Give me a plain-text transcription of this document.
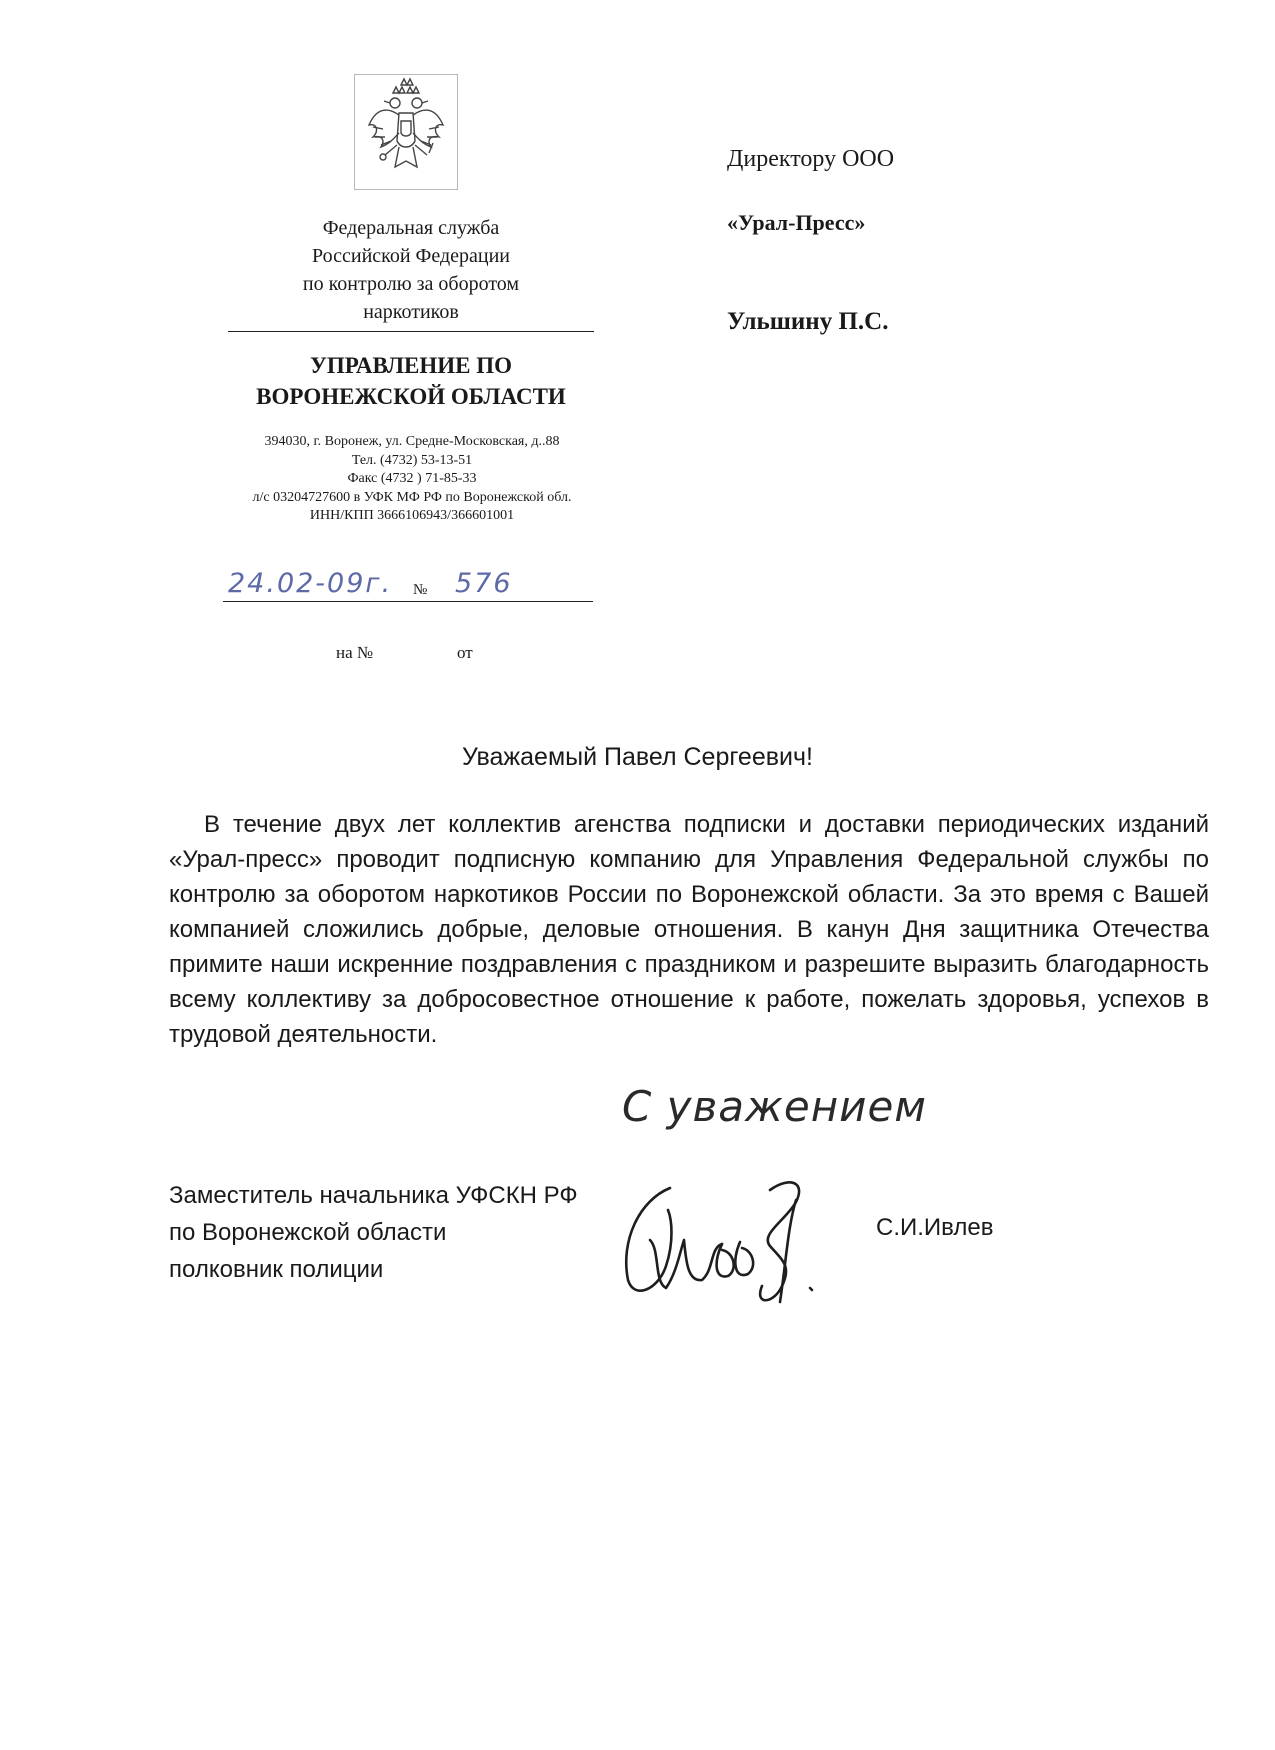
Федеральная служба
Российской Федерации
по контролю за оборотом
наркотиков
УПРАВЛЕНИЕ ПО
ВОРОНЕЖСКОЙ ОБЛАСТИ
394030, г. Воронеж, ул. Средне-Московская, д..88
Тел. (4732) 53-13-51
Факс (4732 ) 71-85-33
л/с 03204727600 в УФК МФ РФ по Воронежской обл.
ИНН/КПП 3666106943/366601001
24.02-09г. № 576
на №	от
Директору ООО
«Урал-Пресс»
Ульшину П.С.
Уважаемый Павел Сергеевич!
В течение двух лет коллектив агенства подписки и доставки периодических изданий «Урал-пресс» проводит подписную компанию для Управления Федеральной службы по контролю за оборотом наркотиков России по Воронежской области. За это время с Вашей компанией сложились добрые, деловые отношения. В канун Дня защитника Отечества примите наши искренние поздравления с праздником и разрешите выразить благодарность всему коллективу за добросовестное отношение к работе, пожелать здоровья, успехов в трудовой деятельности.
С уважением
Заместитель начальника УФСКН РФ
по Воронежской области
полковник полиции
С.И.Ивлев
